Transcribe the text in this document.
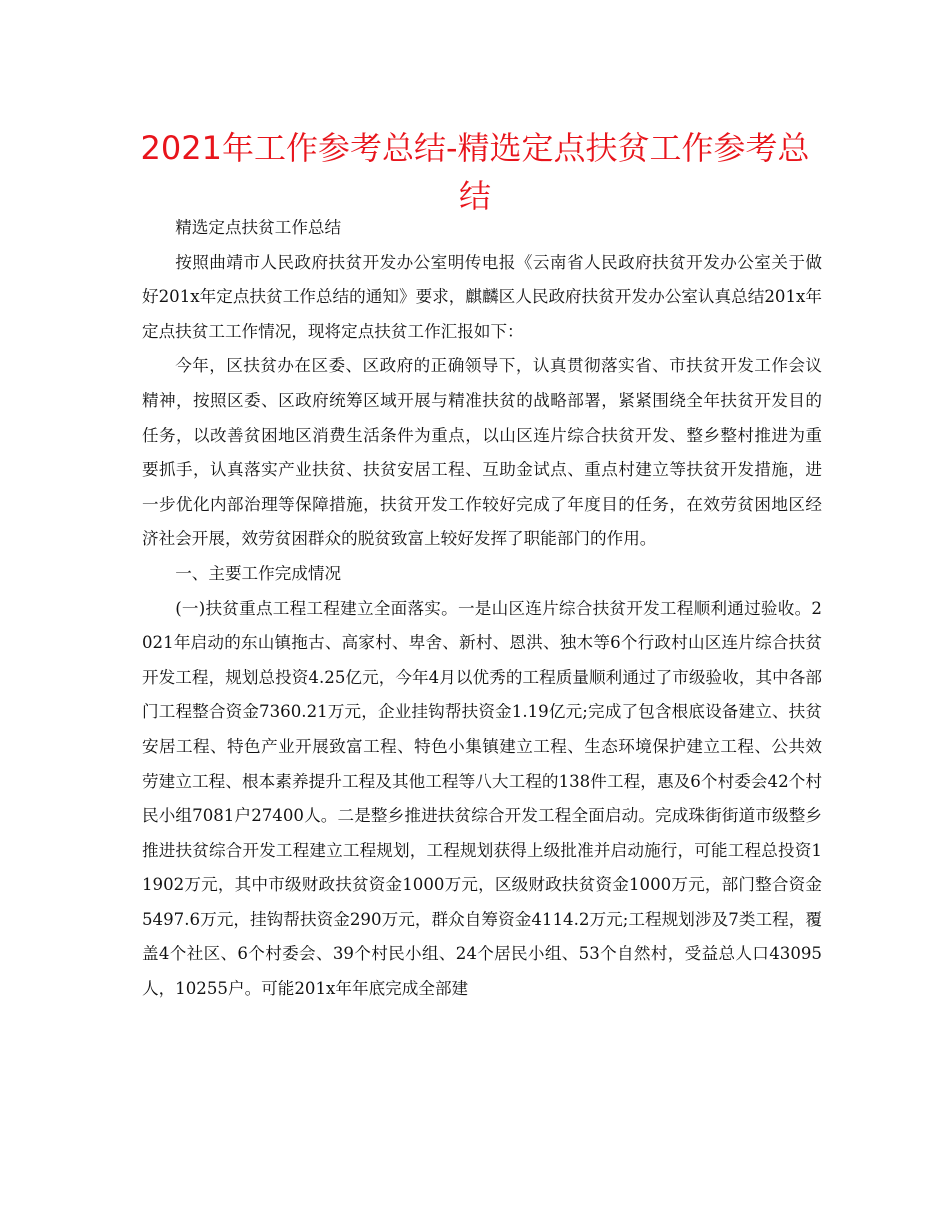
2021年工作参考总结-精选定点扶贫工作参考总结

精选定点扶贫工作总结

按照曲靖市人民政府扶贫开发办公室明传电报《云南省人民政府扶贫开发办公室关于做好201x年定点扶贫工作总结的通知》要求，麒麟区人民政府扶贫开发办公室认真总结201x年定点扶贫工工作情况，现将定点扶贫工作汇报如下：

今年，区扶贫办在区委、区政府的正确领导下，认真贯彻落实省、市扶贫开发工作会议精神，按照区委、区政府统筹区域开展与精准扶贫的战略部署，紧紧围绕全年扶贫开发目的任务，以改善贫困地区消费生活条件为重点，以山区连片综合扶贫开发、整乡整村推进为重要抓手，认真落实产业扶贫、扶贫安居工程、互助金试点、重点村建立等扶贫开发措施，进一步优化内部治理等保障措施，扶贫开发工作较好完成了年度目的任务，在效劳贫困地区经济社会开展，效劳贫困群众的脱贫致富上较好发挥了职能部门的作用。

一、主要工作完成情况

(一)扶贫重点工程工程建立全面落实。一是山区连片综合扶贫开发工程顺利通过验收。2021年启动的东山镇拖古、高家村、卑舍、新村、恩洪、独木等6个行政村山区连片综合扶贫开发工程，规划总投资4.25亿元，今年4月以优秀的工程质量顺利通过了市级验收，其中各部门工程整合资金7360.21万元，企业挂钩帮扶资金1.19亿元;完成了包含根底设备建立、扶贫安居工程、特色产业开展致富工程、特色小集镇建立工程、生态环境保护建立工程、公共效劳建立工程、根本素养提升工程及其他工程等八大工程的138件工程，惠及6个村委会42个村民小组7081户27400人。二是整乡推进扶贫综合开发工程全面启动。完成珠街街道市级整乡推进扶贫综合开发工程建立工程规划，工程规划获得上级批准并启动施行，可能工程总投资11902万元，其中市级财政扶贫资金1000万元，区级财政扶贫资金1000万元，部门整合资金5497.6万元，挂钩帮扶资金290万元，群众自筹资金4114.2万元;工程规划涉及7类工程，覆盖4个社区、6个村委会、39个村民小组、24个居民小组、53个自然村，受益总人口43095人，10255户。可能201x年年底完成全部建
